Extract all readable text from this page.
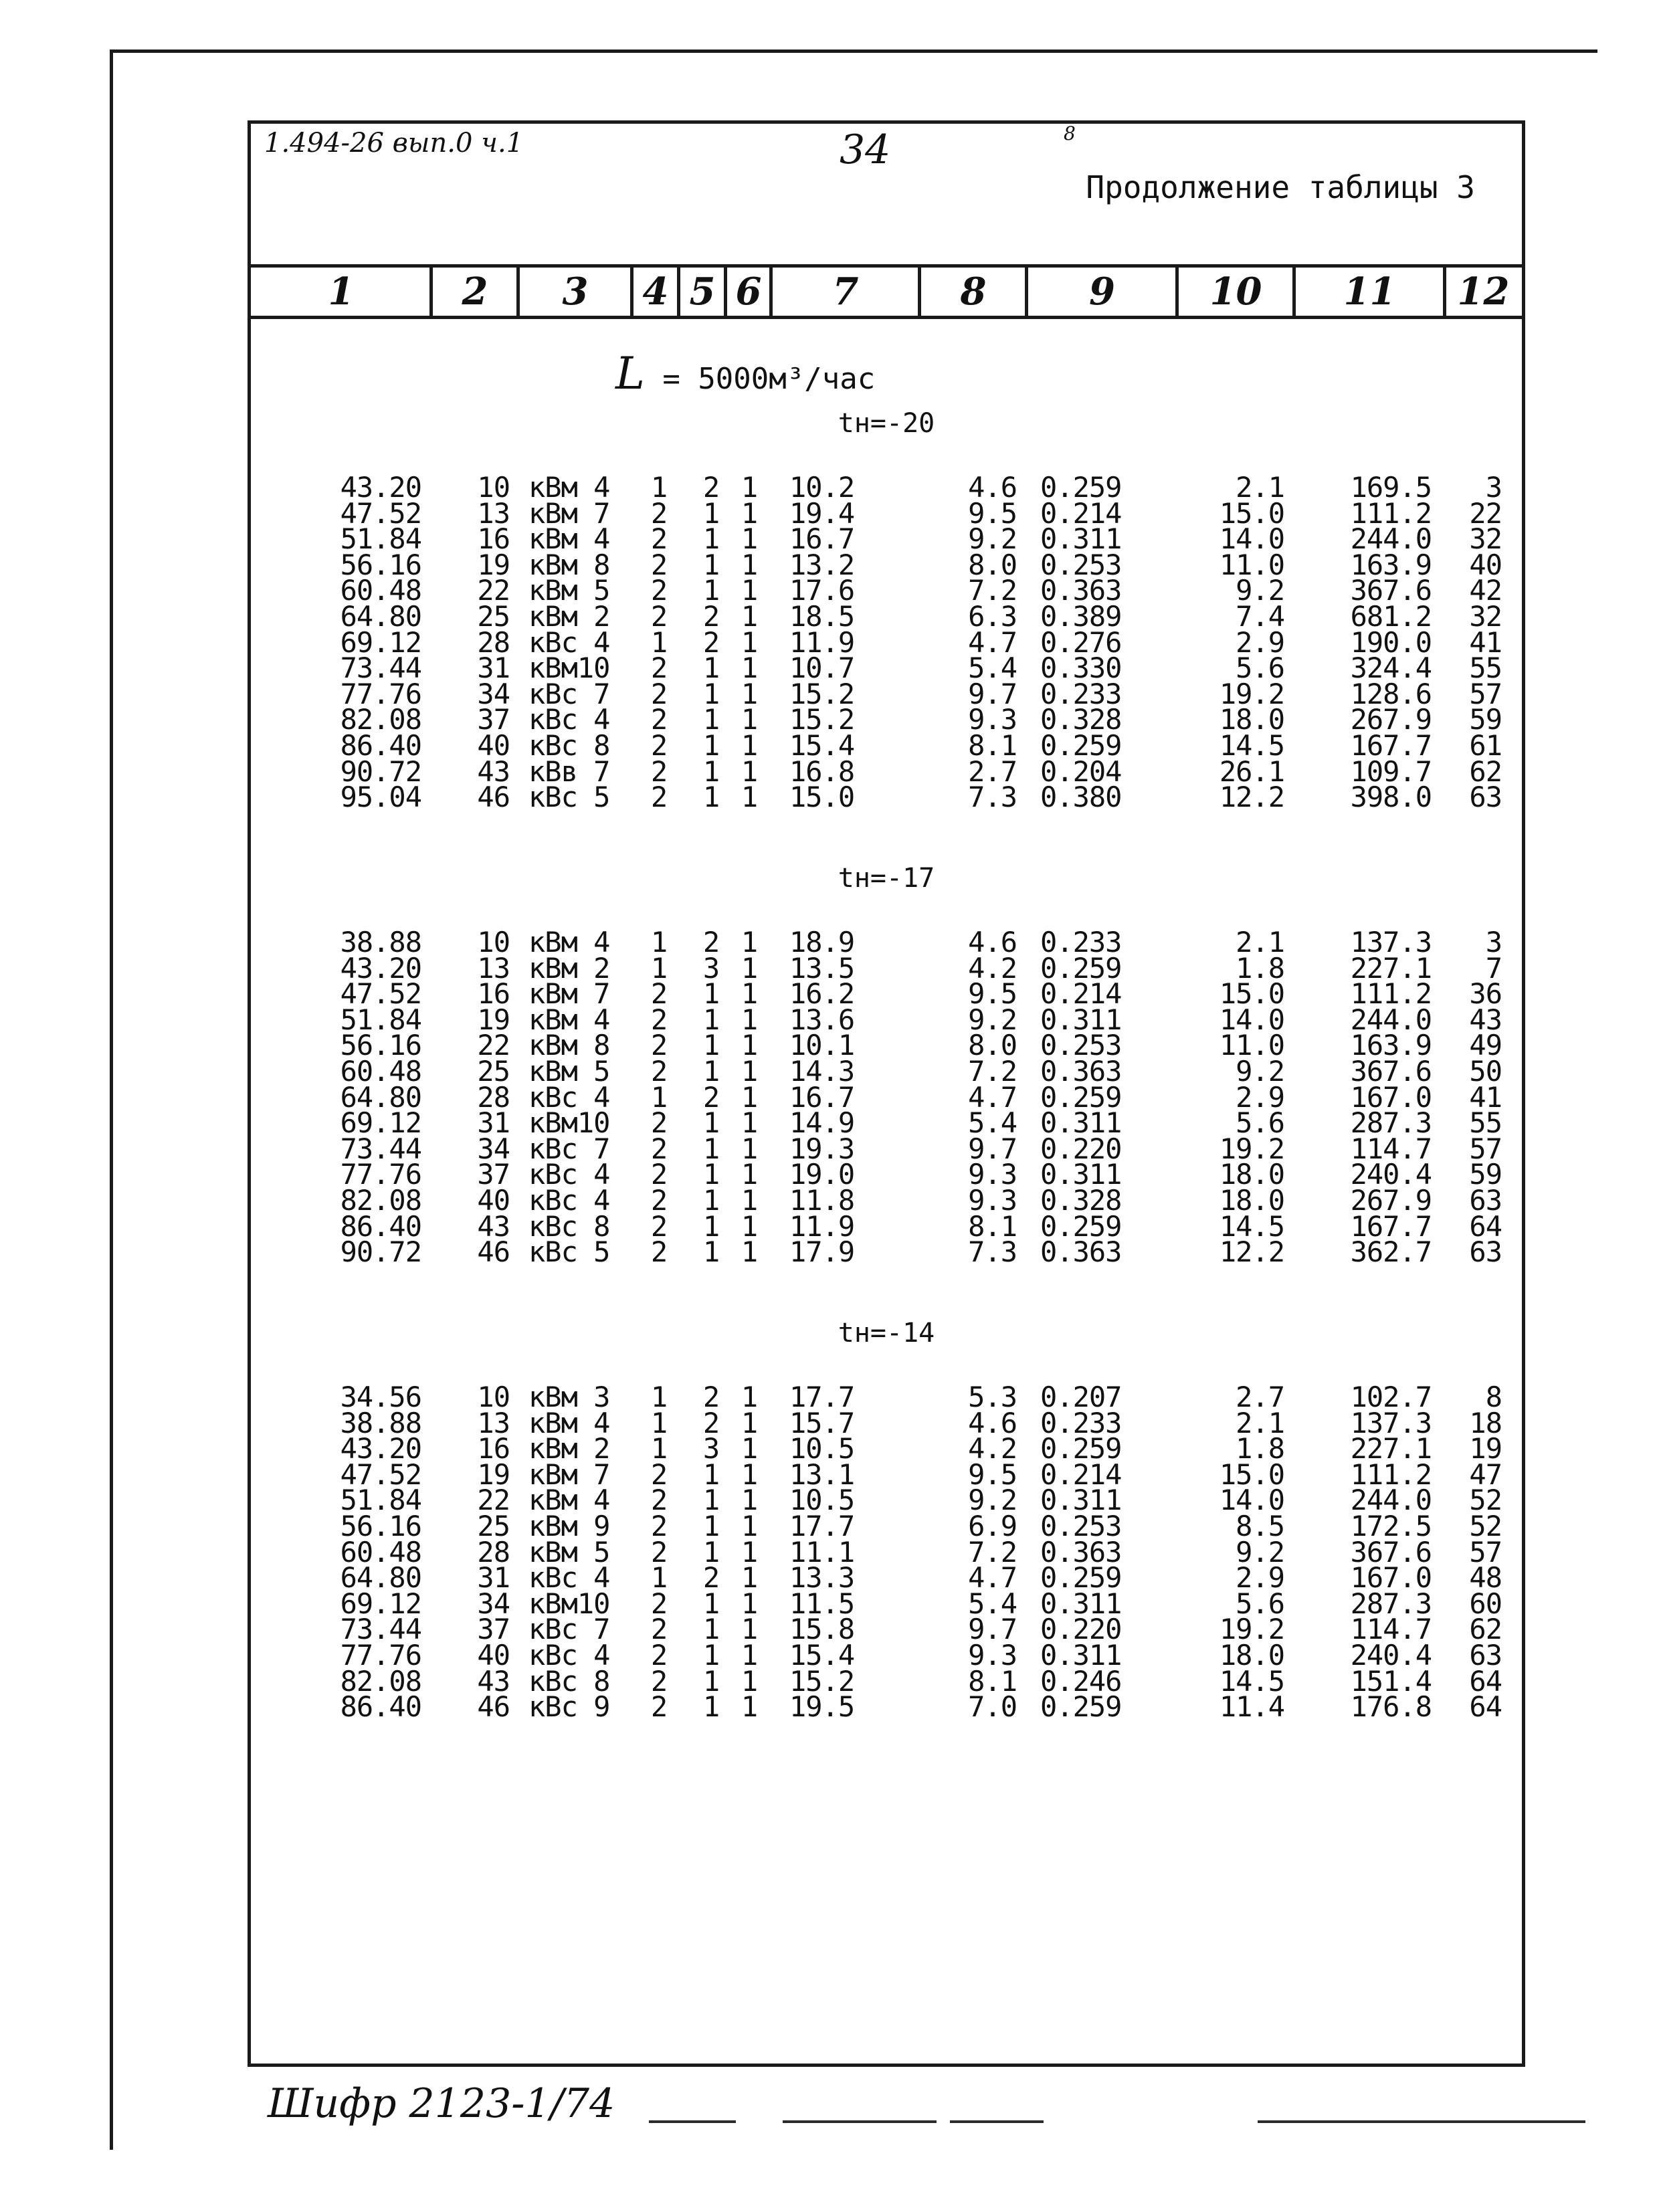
1.494-26 вып.0 ч.1	34	8
Продолжение таблицы 3
1	2	3	4 5 6	7	8	9	10	11	12
L = 5000м³/час
tн=-20
43.20	10 кВм 4	1	2 1	10.2	4.6 0.259	2.1	169.5	3
47.52	13 кВм 7	2	1 1	19.4	9.5 0.214	15.0	111.2	22
51.84	16 кВм 4	2	1 1	16.7	9.2 0.311	14.0	244.0	32
56.16	19 кВм 8	2	1 1	13.2	8.0 0.253	11.0	163.9	40
60.48	22 кВм 5	2	1 1	17.6	7.2 0.363	9.2	367.6	42
64.80	25 кВм 2	2	2 1	18.5	6.3 0.389	7.4	681.2	32
69.12	28 кВс 4	1	2 1	11.9	4.7 0.276	2.9	190.0	41
73.44	31 кВм10	2	1 1	10.7	5.4 0.330	5.6	324.4	55
77.76	34 кВс 7	2	1 1	15.2	9.7 0.233	19.2	128.6	57
82.08	37 кВс 4	2	1 1	15.2	9.3 0.328	18.0	267.9	59
86.40	40 кВс 8	2	1 1	15.4	8.1 0.259	14.5	167.7	61
90.72	43 кВв 7	2	1 1	16.8	2.7 0.204	26.1	109.7	62
95.04	46 кВс 5	2	1 1	15.0	7.3 0.380	12.2	398.0	63
tн=-17
38.88	10 кВм 4	1	2 1	18.9	4.6 0.233	2.1	137.3	3
43.20	13 кВм 2	1	3 1	13.5	4.2 0.259	1.8	227.1	7
47.52	16 кВм 7	2	1 1	16.2	9.5 0.214	15.0	111.2	36
51.84	19 кВм 4	2	1 1	13.6	9.2 0.311	14.0	244.0	43
56.16	22 кВм 8	2	1 1	10.1	8.0 0.253	11.0	163.9	49
60.48	25 кВм 5	2	1 1	14.3	7.2 0.363	9.2	367.6	50
64.80	28 кВс 4	1	2 1	16.7	4.7 0.259	2.9	167.0	41
69.12	31 кВм10	2	1 1	14.9	5.4 0.311	5.6	287.3	55
73.44	34 кВс 7	2	1 1	19.3	9.7 0.220	19.2	114.7	57
77.76	37 кВс 4	2	1 1	19.0	9.3 0.311	18.0	240.4	59
82.08	40 кВс 4	2	1 1	11.8	9.3 0.328	18.0	267.9	63
86.40	43 кВс 8	2	1 1	11.9	8.1 0.259	14.5	167.7	64
90.72	46 кВс 5	2	1 1	17.9	7.3 0.363	12.2	362.7	63
tн=-14
34.56	10 кВм 3	1	2 1	17.7	5.3 0.207	2.7	102.7	8
38.88	13 кВм 4	1	2 1	15.7	4.6 0.233	2.1	137.3	18
43.20	16 кВм 2	1	3 1	10.5	4.2 0.259	1.8	227.1	19
47.52	19 кВм 7	2	1 1	13.1	9.5 0.214	15.0	111.2	47
51.84	22 кВм 4	2	1 1	10.5	9.2 0.311	14.0	244.0	52
56.16	25 кВм 9	2	1 1	17.7	6.9 0.253	8.5	172.5	52
60.48	28 кВм 5	2	1 1	11.1	7.2 0.363	9.2	367.6	57
64.80	31 кВс 4	1	2 1	13.3	4.7 0.259	2.9	167.0	48
69.12	34 кВм10	2	1 1	11.5	5.4 0.311	5.6	287.3	60
73.44	37 кВс 7	2	1 1	15.8	9.7 0.220	19.2	114.7	62
77.76	40 кВс 4	2	1 1	15.4	9.3 0.311	18.0	240.4	63
82.08	43 кВс 8	2	1 1	15.2	8.1 0.246	14.5	151.4	64
86.40	46 кВс 9	2	1 1	19.5	7.0 0.259	11.4	176.8	64
Шифр 2123-1/74
